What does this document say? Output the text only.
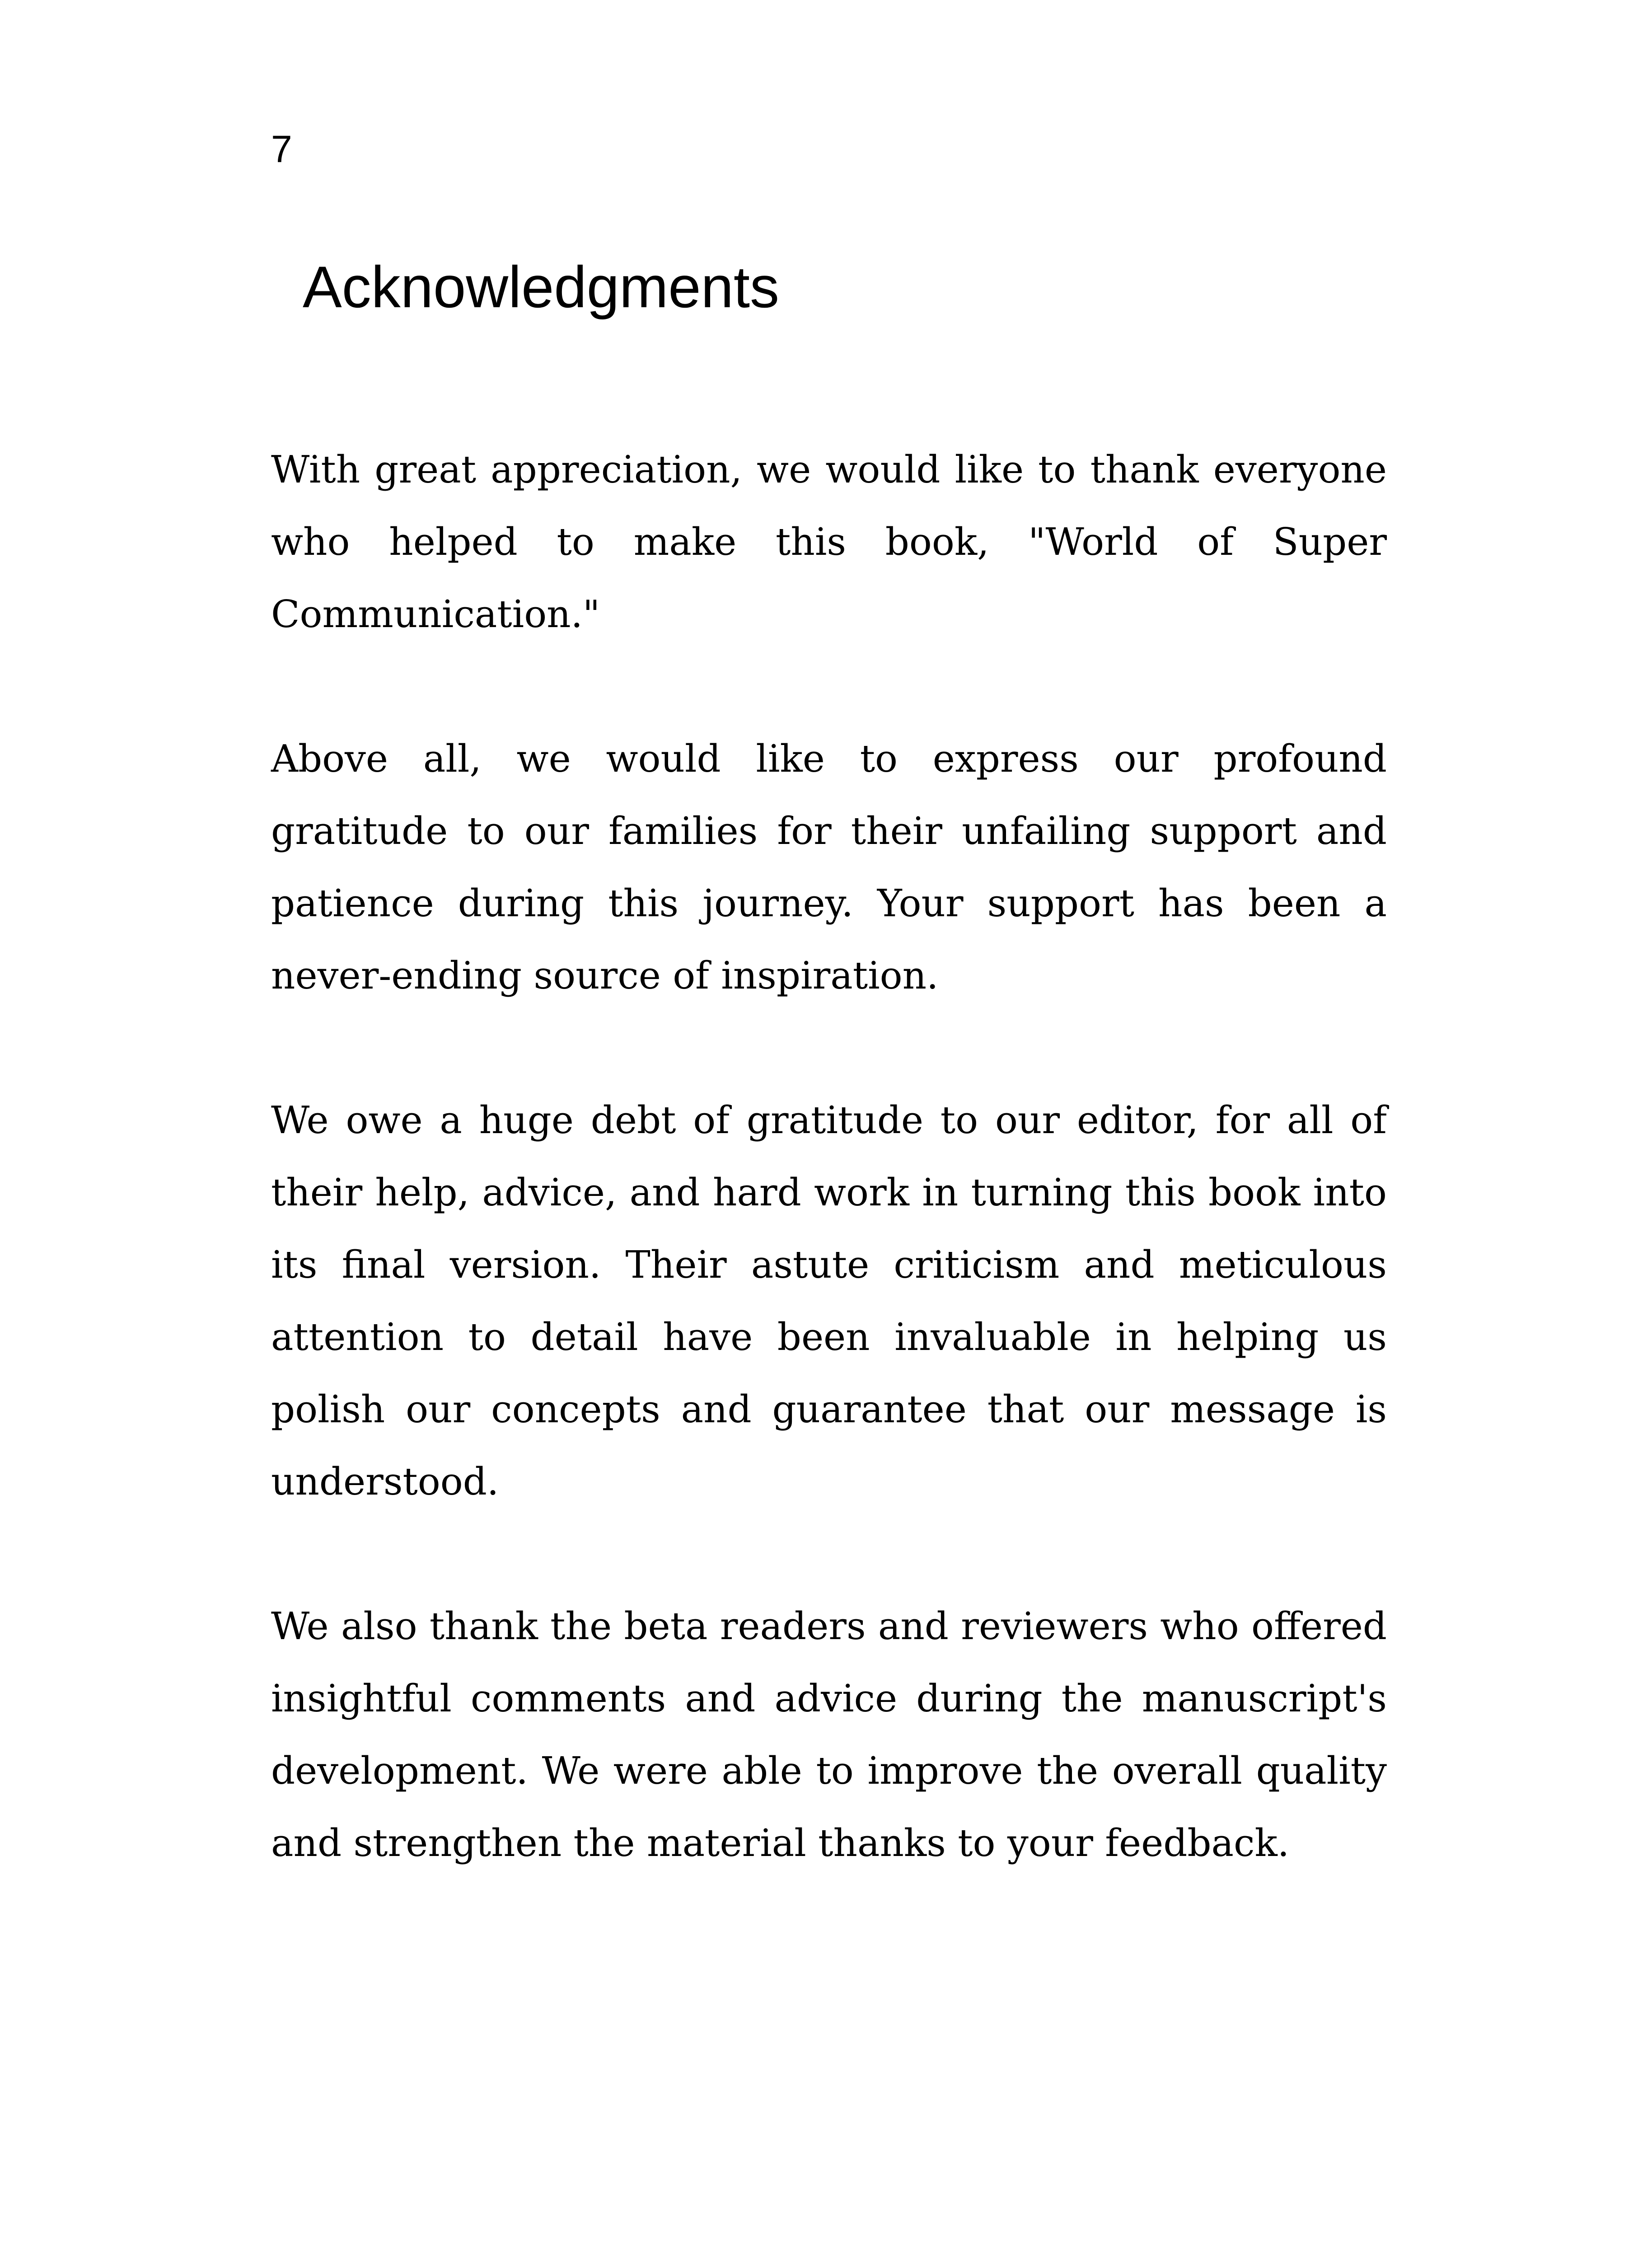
7
Acknowledgments

With great appreciation, we would like to thank everyone who helped to make this book, "World of Super Communication."

Above all, we would like to express our profound gratitude to our families for their unfailing support and patience during this journey. Your support has been a never-ending source of inspiration.

We owe a huge debt of gratitude to our editor, for all of their help, advice, and hard work in turning this book into its final version. Their astute criticism and meticulous attention to detail have been invaluable in helping us polish our concepts and guarantee that our message is understood.

We also thank the beta readers and reviewers who offered insightful comments and advice during the manuscript's development. We were able to improve the overall quality and strengthen the material thanks to your feedback.
